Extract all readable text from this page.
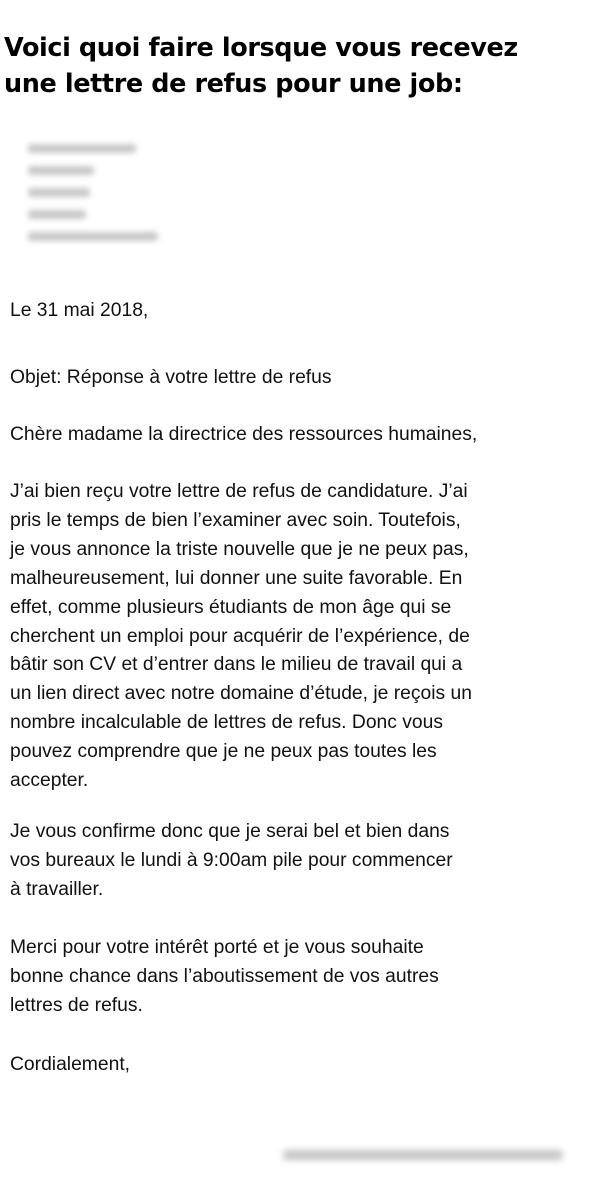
Voici quoi faire lorsque vous recevez
une lettre de refus pour une job:

Le 31 mai 2018,

Objet: Réponse à votre lettre de refus

Chère madame la directrice des ressources humaines,

J’ai bien reçu votre lettre de refus de candidature. J’ai
pris le temps de bien l’examiner avec soin. Toutefois,
je vous annonce la triste nouvelle que je ne peux pas,
malheureusement, lui donner une suite favorable. En
effet, comme plusieurs étudiants de mon âge qui se
cherchent un emploi pour acquérir de l’expérience, de
bâtir son CV et d’entrer dans le milieu de travail qui a
un lien direct avec notre domaine d’étude, je reçois un
nombre incalculable de lettres de refus. Donc vous
pouvez comprendre que je ne peux pas toutes les
accepter.

Je vous confirme donc que je serai bel et bien dans
vos bureaux le lundi à 9:00am pile pour commencer
à travailler.

Merci pour votre intérêt porté et je vous souhaite
bonne chance dans l’aboutissement de vos autres
lettres de refus.

Cordialement,
